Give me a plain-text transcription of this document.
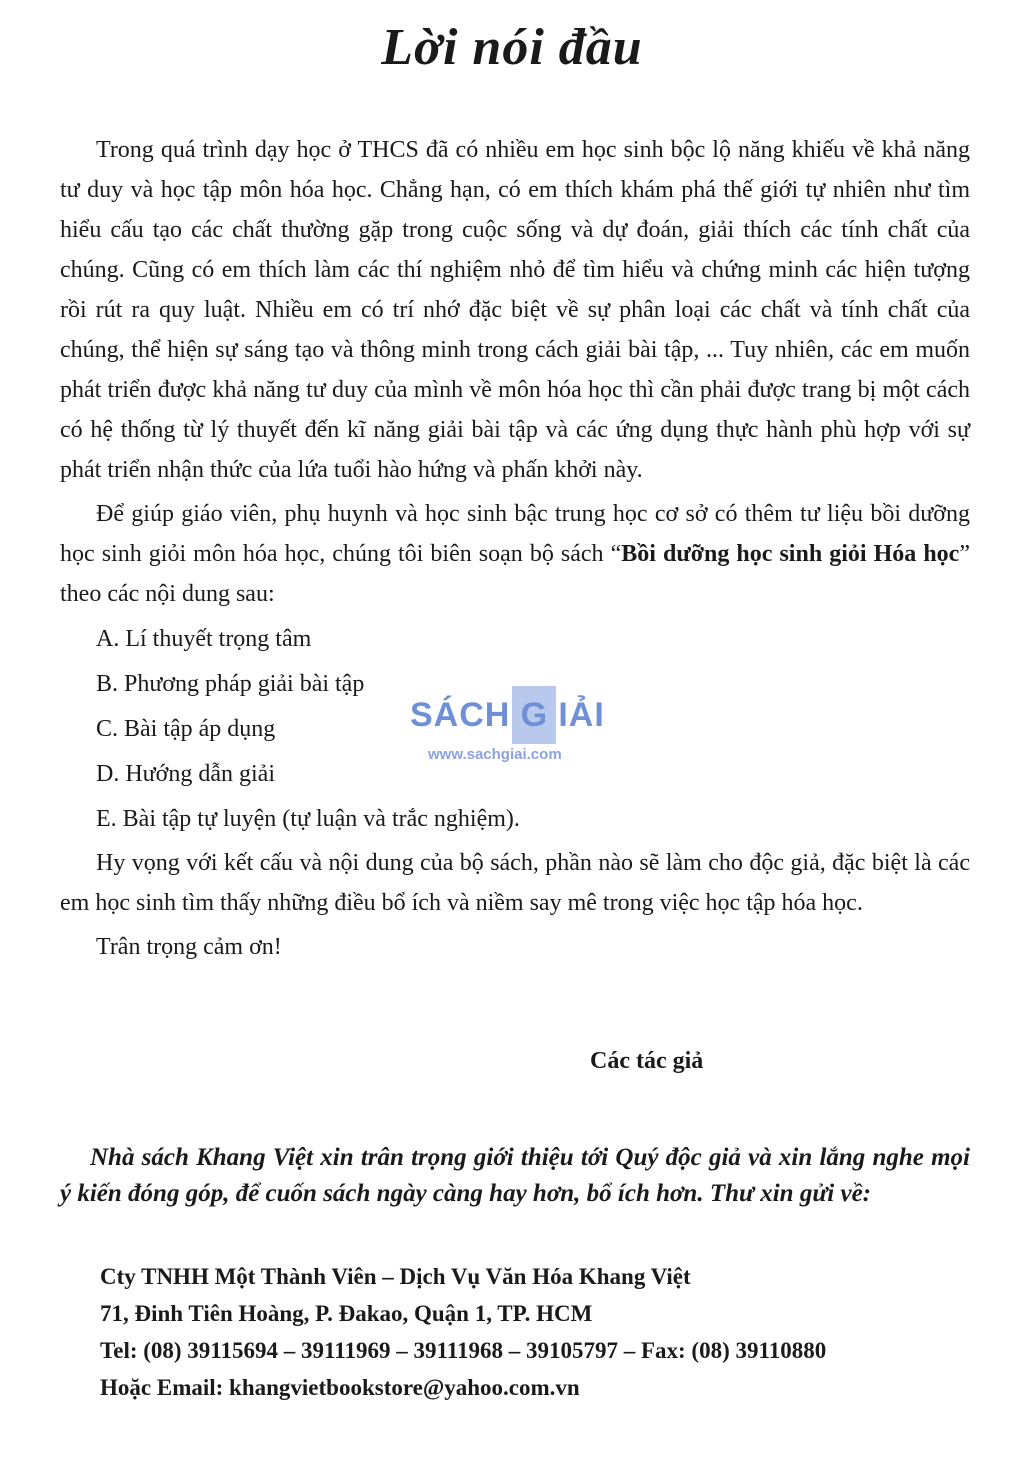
Lời nói đầu

Trong quá trình dạy học ở THCS đã có nhiều em học sinh bộc lộ năng khiếu về khả năng tư duy và học tập môn hóa học. Chẳng hạn, có em thích khám phá thế giới tự nhiên như tìm hiểu cấu tạo các chất thường gặp trong cuộc sống và dự đoán, giải thích các tính chất của chúng. Cũng có em thích làm các thí nghiệm nhỏ để tìm hiểu và chứng minh các hiện tượng rồi rút ra quy luật. Nhiều em có trí nhớ đặc biệt về sự phân loại các chất và tính chất của chúng, thể hiện sự sáng tạo và thông minh trong cách giải bài tập, ... Tuy nhiên, các em muốn phát triển được khả năng tư duy của mình về môn hóa học thì cần phải được trang bị một cách có hệ thống từ lý thuyết đến kĩ năng giải bài tập và các ứng dụng thực hành phù hợp với sự phát triển nhận thức của lứa tuổi hào hứng và phấn khởi này.

Để giúp giáo viên, phụ huynh và học sinh bậc trung học cơ sở có thêm tư liệu bồi dưỡng học sinh giỏi môn hóa học, chúng tôi biên soạn bộ sách “Bồi dưỡng học sinh giỏi Hóa học” theo các nội dung sau:

A. Lí thuyết trọng tâm
B. Phương pháp giải bài tập
C. Bài tập áp dụng
D. Hướng dẫn giải
E. Bài tập tự luyện (tự luận và trắc nghiệm).

Hy vọng với kết cấu và nội dung của bộ sách, phần nào sẽ làm cho độc giả, đặc biệt là các em học sinh tìm thấy những điều bổ ích và niềm say mê trong việc học tập hóa học.

Trân trọng cảm ơn!

Các tác giả
Nhà sách Khang Việt xin trân trọng giới thiệu tới Quý độc giả và xin lắng nghe mọi ý kiến đóng góp, để cuốn sách ngày càng hay hơn, bổ ích hơn. Thư xin gửi về:
Cty TNHH Một Thành Viên – Dịch Vụ Văn Hóa Khang Việt
71, Đinh Tiên Hoàng, P. Đakao, Quận 1, TP. HCM
Tel: (08) 39115694 – 39111969 – 39111968 – 39105797 – Fax: (08) 39110880
Hoặc Email: khangvietbookstore@yahoo.com.vn
SÁCH G IẢI
www.sachgiai.com
